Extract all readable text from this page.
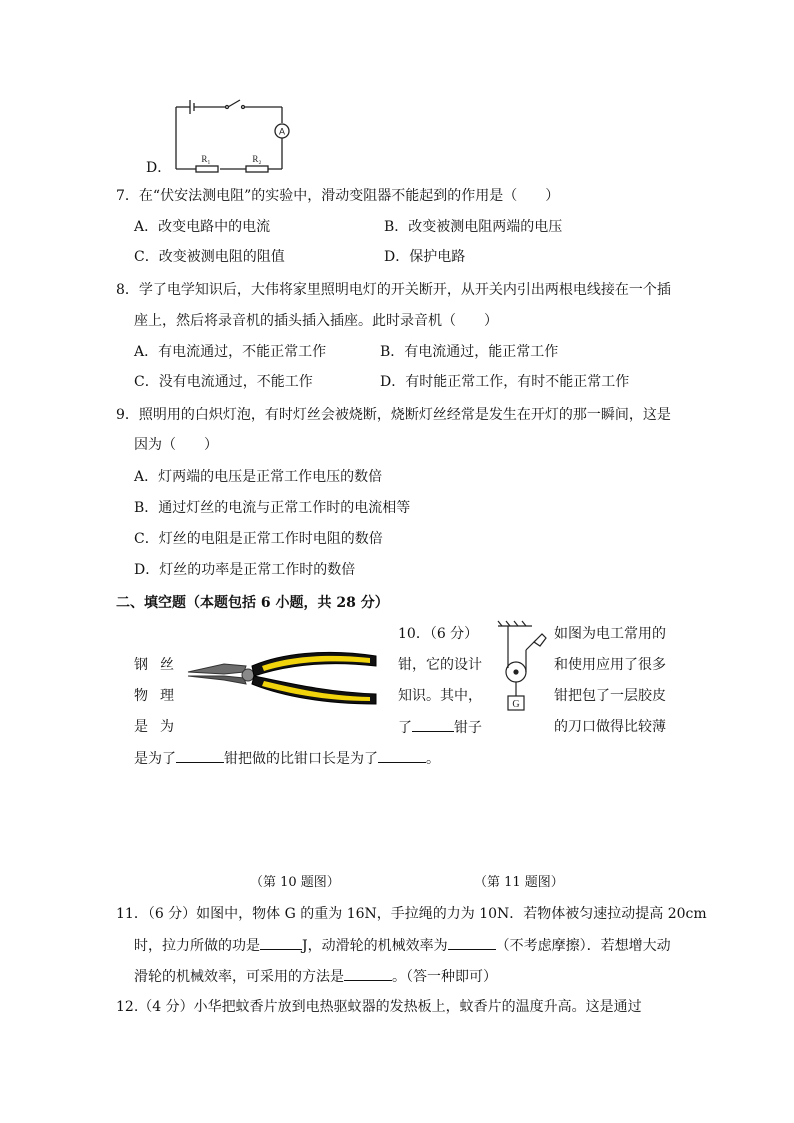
A
R₁	R₂
D．
7．在“伏安法测电阻”的实验中，滑动变阻器不能起到的作用是（　　）
A．改变电路中的电流	B．改变被测电阻两端的电压
C．改变被测电阻的阻值	D．保护电路
8．学了电学知识后，大伟将家里照明电灯的开关断开，从开关内引出两根电线接在一个插
座上，然后将录音机的插头插入插座。此时录音机（　　）
A．有电流通过，不能正常工作	B．有电流通过，能正常工作
C．没有电流通过，不能工作	D．有时能正常工作，有时不能正常工作
9．照明用的白炽灯泡，有时灯丝会被烧断，烧断灯丝经常是发生在开灯的那一瞬间，这是
因为（　　）
A．灯两端的电压是正常工作电压的数倍
B．通过灯丝的电流与正常工作时的电流相等
C．灯丝的电阻是正常工作时电阻的数倍
D．灯丝的功率是正常工作时的数倍
二、填空题（本题包括 6 小题，共 28 分）
10．（6 分）	如图为电工常用的
钢 丝
物 理
是 为
钳，它的设计
知识。其中，
了	钳子
G
和使用应用了很多
钳把包了一层胶皮
的刀口做得比较薄
是为了	钳把做的比钳口长是为了	。
（第 10 题图）	（第 11 题图）
11．（6 分）如图中，物体 G 的重为 16N，手拉绳的力为 10N．若物体被匀速拉动提高 20cm
时，拉力所做的功是	J，动滑轮的机械效率为	（不考虑摩擦）．若想增大动
滑轮的机械效率，可采用的方法是	。（答一种即可）
12.（4 分）小华把蚊香片放到电热驱蚊器的发热板上，蚊香片的温度升高。这是通过
